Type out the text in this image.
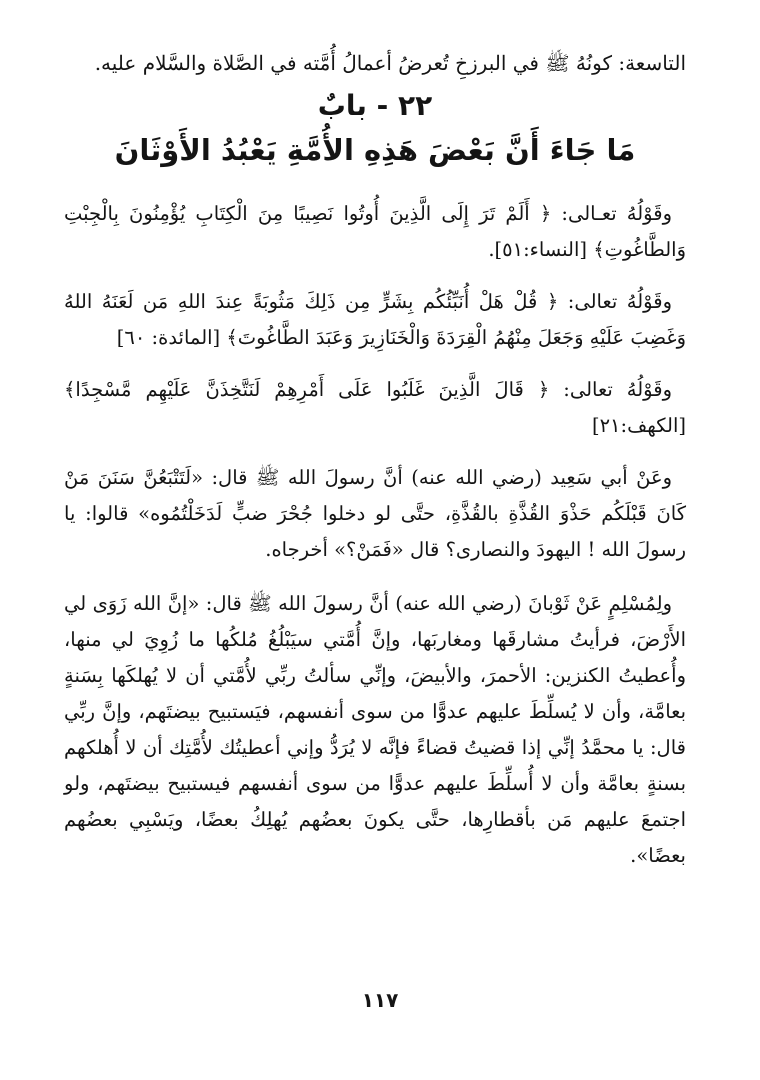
التاسعة: كونُهُ ﷺ في البرزخِ تُعرضُ أعمالُ أُمَّته في الصَّلاة والسَّلام عليه.

٢٢ - بابٌ
مَا جَاءَ أَنَّ بَعْضَ هَذِهِ الأُمَّةِ يَعْبُدُ الأَوْثَانَ

وقَوْلُهُ تعـالى: ﴿ أَلَمْ تَرَ إِلَى الَّذِينَ أُوتُوا نَصِيبًا مِنَ الْكِتَابِ يُؤْمِنُونَ بِالْجِبْتِ وَالطَّاغُوتِ﴾ [النساء:٥١].

وقَوْلُهُ تعالى: ﴿ قُلْ هَلْ أُنَبِّئُكُم بِشَرٍّ مِن ذَلِكَ مَثُوبَةً عِندَ اللهِ مَن لَعَنَهُ اللهُ وَغَضِبَ عَلَيْهِ وَجَعَلَ مِنْهُمُ الْقِرَدَةَ وَالْخَنَازِيرَ وَعَبَدَ الطَّاغُوتَ﴾ [المائدة: ٦٠]

وقَوْلُهُ تعالى: ﴿ قَالَ الَّذِينَ غَلَبُوا عَلَى أَمْرِهِمْ لَنَتَّخِذَنَّ عَلَيْهِم مَّسْجِدًا﴾ [الكهف:٢١]

وعَنْ أبي سَعِيد (رضي الله عنه) أنَّ رسولَ الله ﷺ قال: «لَتَتْبَعُنَّ سَنَنَ مَنْ كَانَ قَبْلَكُم حَذْوَ القُذَّةِ بالقُذَّةِ، حتَّى لو دخلوا جُحْرَ ضبٍّ لَدَخَلْتُمُوه» قالوا: يا رسولَ الله ! اليهودَ والنصارى؟ قال «فَمَنْ؟» أخرجاه.

ولِمُسْلِمٍ عَنْ ثَوْبانَ (رضي الله عنه) أنَّ رسولَ الله ﷺ قال: «إنَّ الله زَوَى لي الأَرْضَ، فرأيتُ مشارقَها ومغاربَها، وإنَّ أُمَّتي سيَبْلُغُ مُلكُها ما زُوِيَ لي منها، وأُعطيتُ الكنزين: الأحمرَ، والأبيضَ، وإنِّي سألتُ ربِّي لأُمَّتي أن لا يُهلكَها بِسَنةٍ بعامَّة، وأن لا يُسلِّطَ عليهم عدوًّا من سوى أنفسهم، فيَستبيح بيضتَهم، وإنَّ ربِّي قال: يا محمَّدُ إنِّي إذا قضيتُ قضاءً فإنَّه لا يُرَدُّ وإني أعطيتُك لأُمَّتِك أن لا أُهلكهم بسنةٍ بعامَّة وأن لا أُسلِّطَ عليهم عدوًّا من سوى أنفسهم فيستبيح بيضتَهم، ولو اجتمعَ عليهم مَن بأقطارِها، حتَّى يكونَ بعضُهم يُهلِكُ بعضًا، ويَسْبِي بعضُهم بعضًا».

١١٧
